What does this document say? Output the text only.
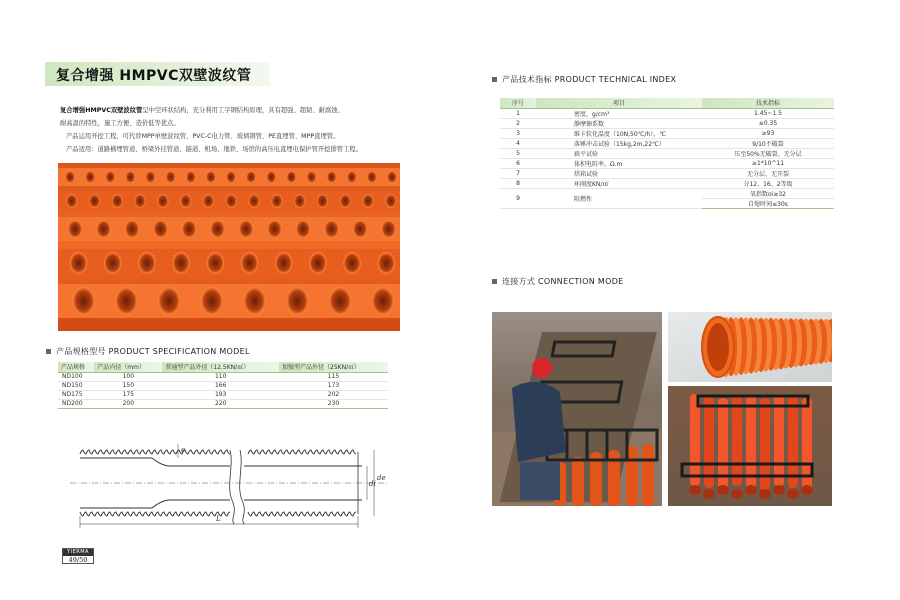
复合增强 HMPVC双壁波纹管

复合增强HMPVC双壁波纹管呈中空环状结构，充分利用工字钢结构原理，具有超强、超韧、耐腐蚀、

耐高温的特性，施工方便、造价低等优点。

产品运用开挖工程，可代替MPP单壁波纹管、PVC-C电力管、玻璃钢管、PE直埋管、MPP直埋管。

产品适用：道路横埋管道、桥梁外挂管道、隧道、机场、地铁、场馆的高压电直埋电保护管开挖排管工程。

产品规格型号 PRODUCT SPECIFICATION MODEL
产品规格	产品内径（mm）	普通型产品外径（12.5KN/㎡）	加强型产品外径（25KN/㎡）
ND100	100	110	115
ND150	150	166	173
ND175	175	193	202
ND200	200	220	230
e
di
de
L
YIERMA
49/50
产品技术指标 PRODUCT TECHNICAL INDEX
序号	项目	技术指标
1	密度，g/cm³	1.45~1.5
2	静摩擦系数	≤0.35
3	维卡软化温度（10N,50℃/h），℃	≥93
4	落锤冲击试验（15kg,2m,22℃）	9/10不破裂
5	扁平试验	压至50%无破裂、无分层
6	体积电阻率，Ω.m	≥1*10^11
7	烘箱试验	无分层、无开裂
8	环刚度KN/㎡	分12、16、2等级
9	阻燃性	氧指数oi≥32
		自熄时间≤30s
连接方式 CONNECTION MODE
